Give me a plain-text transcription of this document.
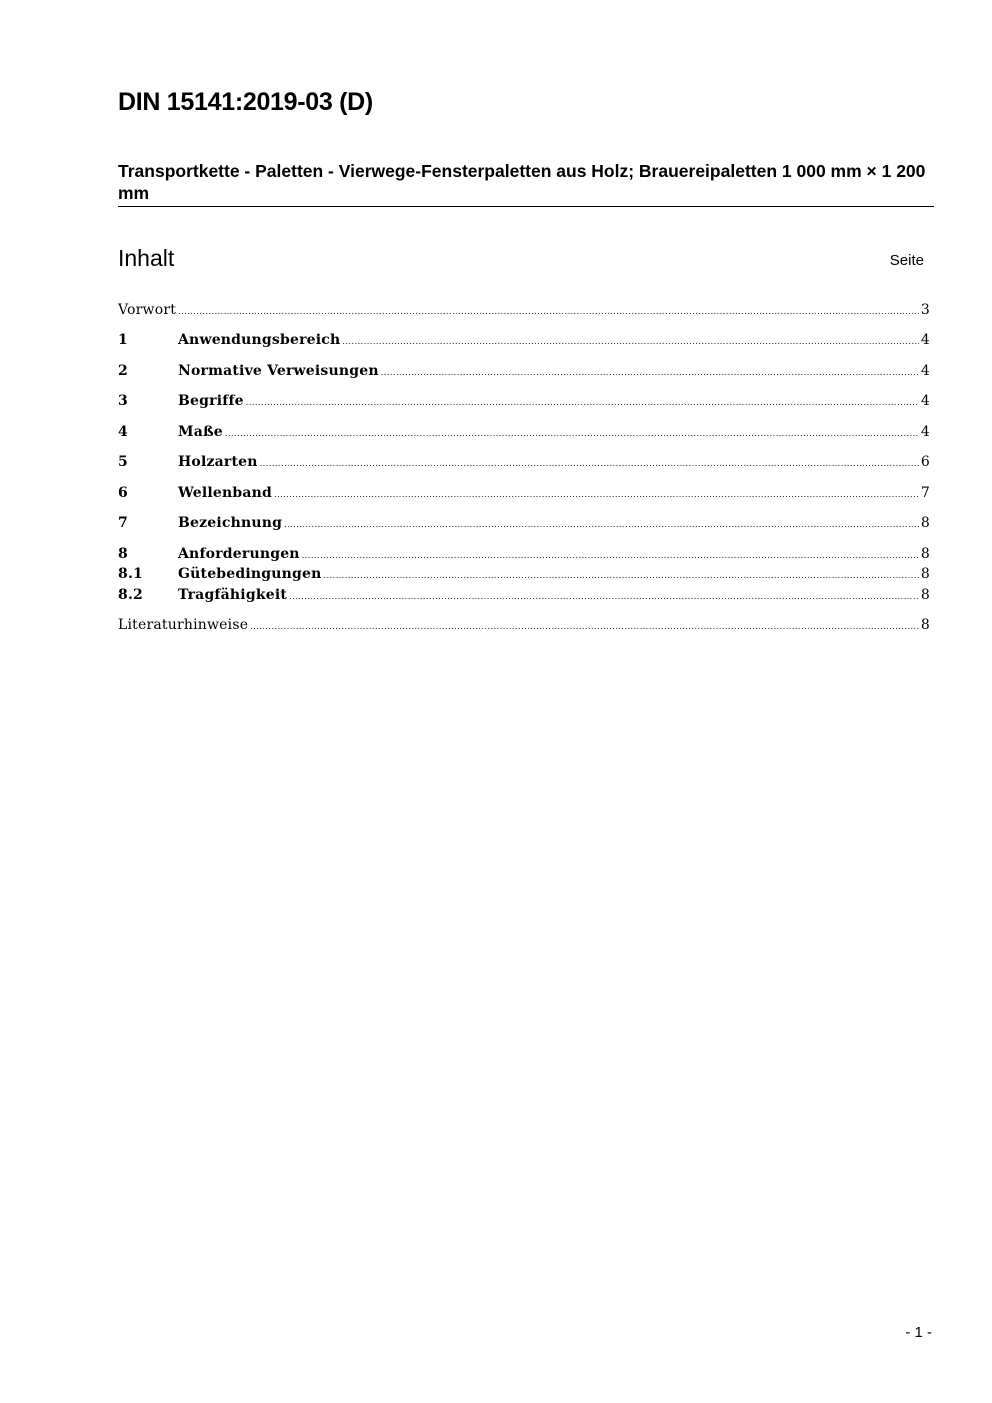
DIN 15141:2019-03 (D)
Transportkette - Paletten - Vierwege-Fensterpaletten aus Holz; Brauereipaletten 1 000 mm × 1 200 mm
Inhalt	Seite
Vorwort .....	3
1	Anwendungsbereich .....	4
2	Normative Verweisungen .....	4
3	Begriffe .....	4
4	Maße .....	4
5	Holzarten .....	6
6	Wellenband .....	7
7	Bezeichnung .....	8
8	Anforderungen .....	8
8.1	Gütebedingungen .....	8
8.2	Tragfähigkeit .....	8
Literaturhinweise .....	8
- 1 -
